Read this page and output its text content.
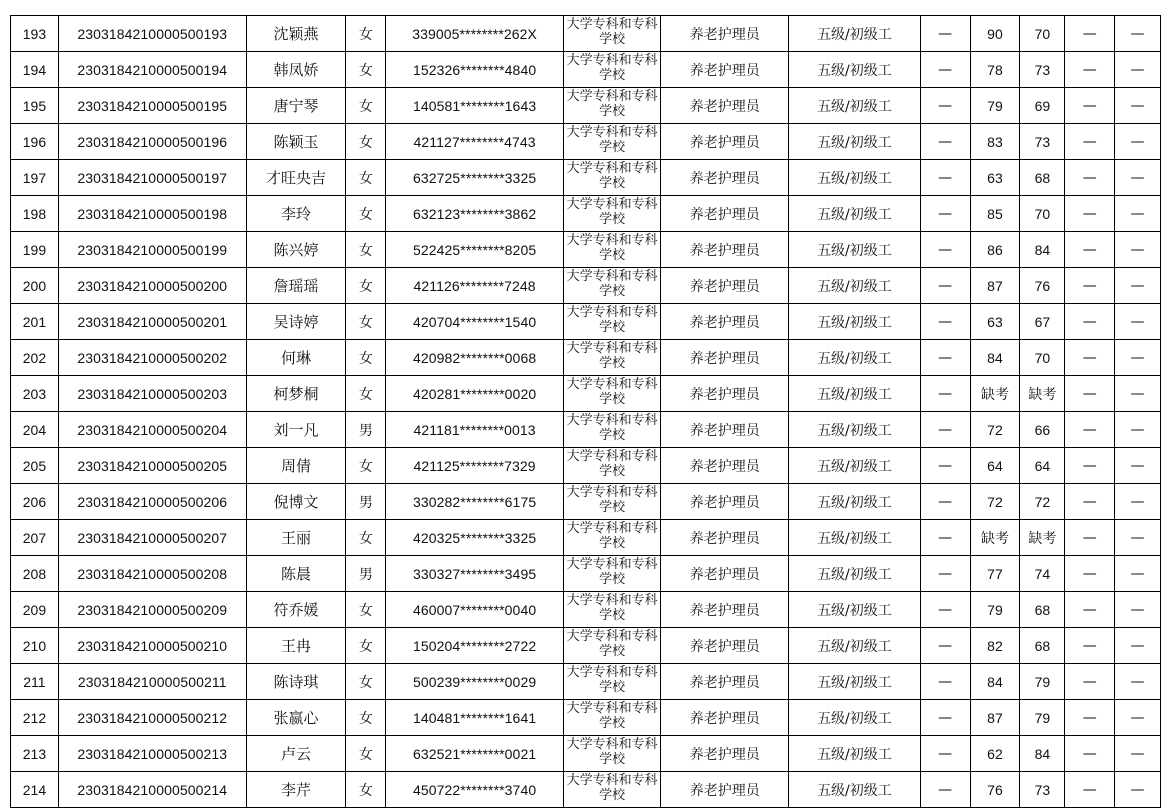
193	2303184210000500193	沈颖燕	女	339005********262X	大学专科和专科学校	养老护理员	五级/初级工	—	90	70	—	—
194	2303184210000500194	韩凤娇	女	152326********4840	大学专科和专科学校	养老护理员	五级/初级工	—	78	73	—	—
195	2303184210000500195	唐宁琴	女	140581********1643	大学专科和专科学校	养老护理员	五级/初级工	—	79	69	—	—
196	2303184210000500196	陈颖玉	女	421127********4743	大学专科和专科学校	养老护理员	五级/初级工	—	83	73	—	—
197	2303184210000500197	才旺央吉	女	632725********3325	大学专科和专科学校	养老护理员	五级/初级工	—	63	68	—	—
198	2303184210000500198	李玲	女	632123********3862	大学专科和专科学校	养老护理员	五级/初级工	—	85	70	—	—
199	2303184210000500199	陈兴婷	女	522425********8205	大学专科和专科学校	养老护理员	五级/初级工	—	86	84	—	—
200	2303184210000500200	詹瑶瑶	女	421126********7248	大学专科和专科学校	养老护理员	五级/初级工	—	87	76	—	—
201	2303184210000500201	吴诗婷	女	420704********1540	大学专科和专科学校	养老护理员	五级/初级工	—	63	67	—	—
202	2303184210000500202	何琳	女	420982********0068	大学专科和专科学校	养老护理员	五级/初级工	—	84	70	—	—
203	2303184210000500203	柯梦桐	女	420281********0020	大学专科和专科学校	养老护理员	五级/初级工	—	缺考	缺考	—	—
204	2303184210000500204	刘一凡	男	421181********0013	大学专科和专科学校	养老护理员	五级/初级工	—	72	66	—	—
205	2303184210000500205	周倩	女	421125********7329	大学专科和专科学校	养老护理员	五级/初级工	—	64	64	—	—
206	2303184210000500206	倪博文	男	330282********6175	大学专科和专科学校	养老护理员	五级/初级工	—	72	72	—	—
207	2303184210000500207	王丽	女	420325********3325	大学专科和专科学校	养老护理员	五级/初级工	—	缺考	缺考	—	—
208	2303184210000500208	陈晨	男	330327********3495	大学专科和专科学校	养老护理员	五级/初级工	—	77	74	—	—
209	2303184210000500209	符乔媛	女	460007********0040	大学专科和专科学校	养老护理员	五级/初级工	—	79	68	—	—
210	2303184210000500210	王冉	女	150204********2722	大学专科和专科学校	养老护理员	五级/初级工	—	82	68	—	—
211	2303184210000500211	陈诗琪	女	500239********0029	大学专科和专科学校	养老护理员	五级/初级工	—	84	79	—	—
212	2303184210000500212	张嬴心	女	140481********1641	大学专科和专科学校	养老护理员	五级/初级工	—	87	79	—	—
213	2303184210000500213	卢云	女	632521********0021	大学专科和专科学校	养老护理员	五级/初级工	—	62	84	—	—
214	2303184210000500214	李芹	女	450722********3740	大学专科和专科学校	养老护理员	五级/初级工	—	76	73	—	—
